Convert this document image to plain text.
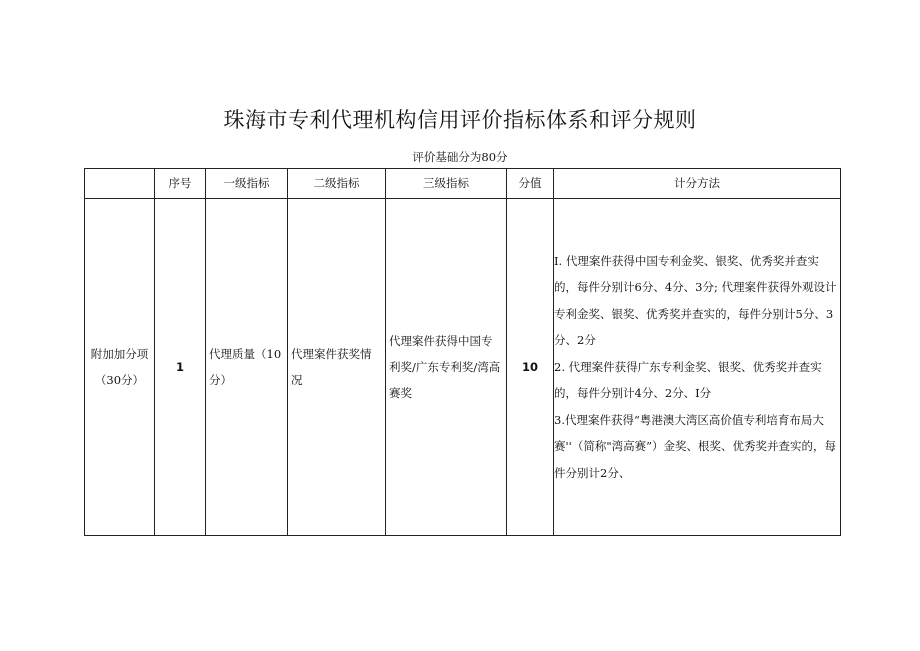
珠海市专利代理机构信用评价指标体系和评分规则
评价基础分为80分
	序号	一级指标	二级指标	三级指标	分值	计分方法
附加加分项（30分）	1	代理质量（10分）	代理案件获奖情况	代理案件获得中国专利奖/广东专利奖/湾高赛奖	10	I. 代理案件获得中国专利金奖、银奖、优秀奖并查实的，每件分别计6分、4分、3分; 代理案件获得外观设计专利金奖、银奖、优秀奖并查实的，每件分别计5分、3分、2分

2. 代理案件获得广东专利金奖、银奖、优秀奖并查实的，每件分别计4分、2分、I分

3.代理案件获得“粤港澳大湾区高价值专利培育布局大赛''（简称"湾高赛”）金奖、根奖、优秀奖并查实的，每件分别计2分、
